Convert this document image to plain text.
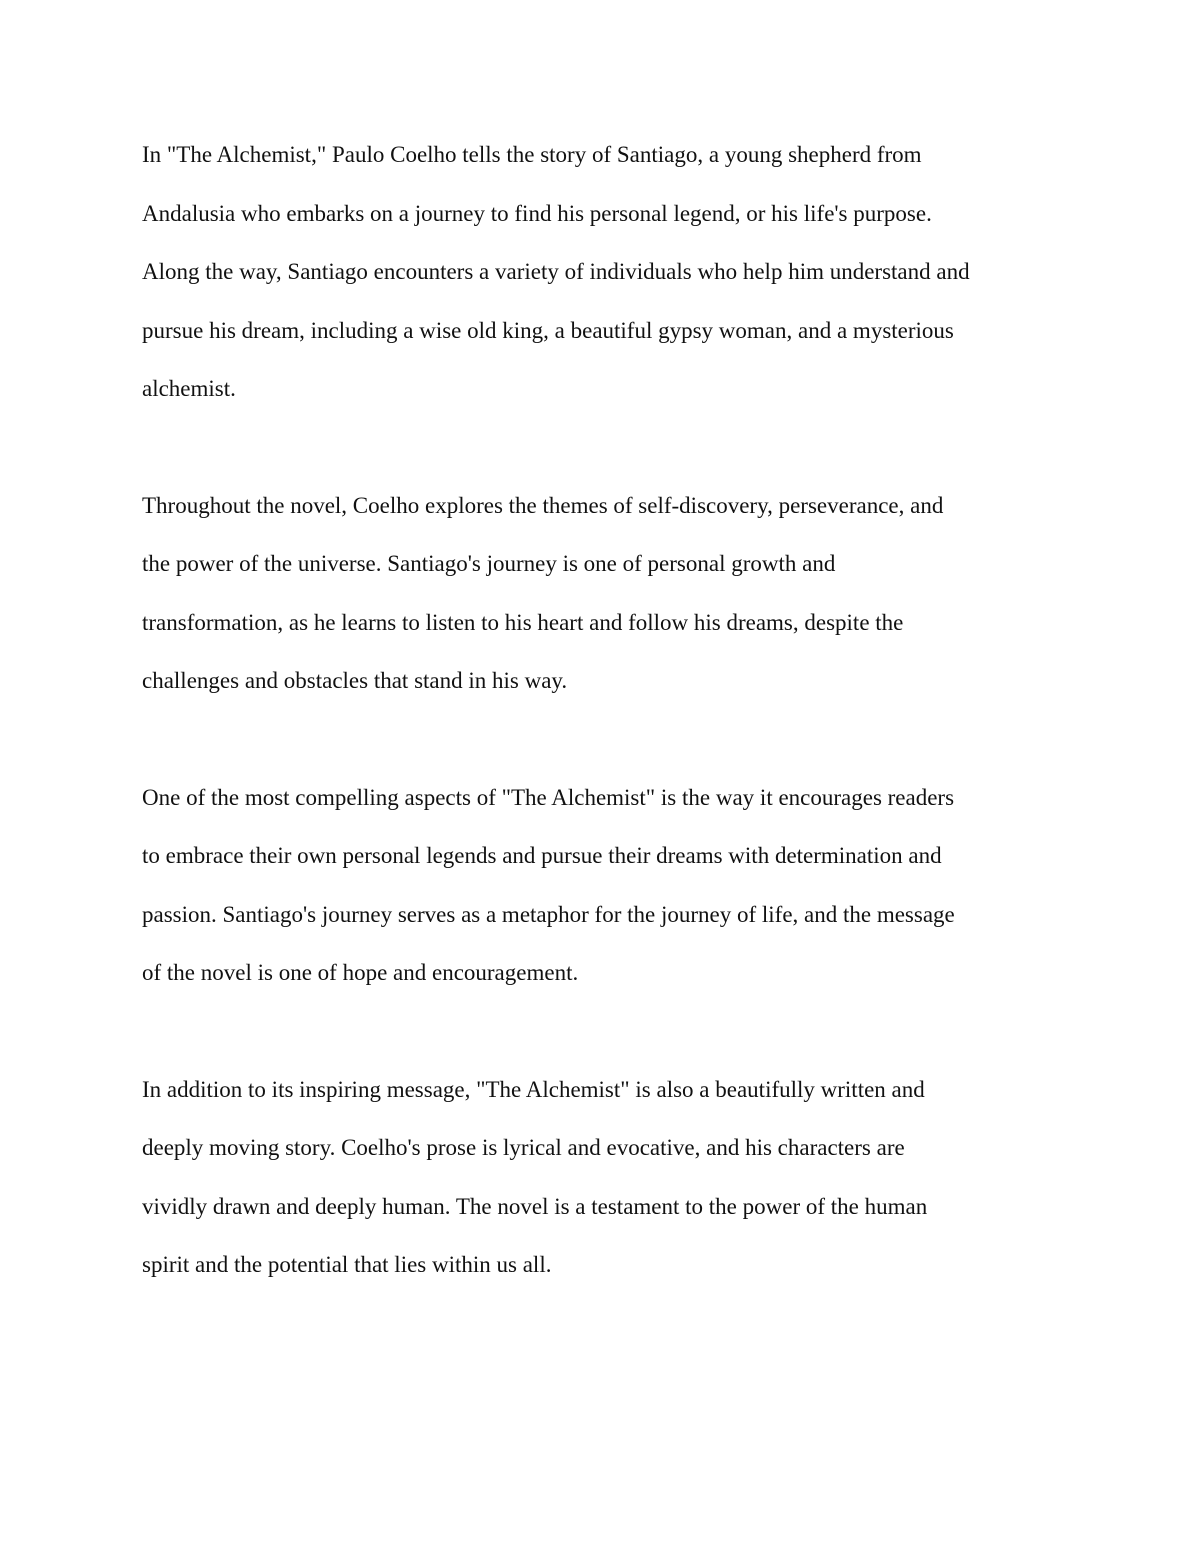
In "The Alchemist," Paulo Coelho tells the story of Santiago, a young shepherd from
Andalusia who embarks on a journey to find his personal legend, or his life's purpose.
Along the way, Santiago encounters a variety of individuals who help him understand and
pursue his dream, including a wise old king, a beautiful gypsy woman, and a mysterious
alchemist.

Throughout the novel, Coelho explores the themes of self-discovery, perseverance, and
the power of the universe. Santiago's journey is one of personal growth and
transformation, as he learns to listen to his heart and follow his dreams, despite the
challenges and obstacles that stand in his way.

One of the most compelling aspects of "The Alchemist" is the way it encourages readers
to embrace their own personal legends and pursue their dreams with determination and
passion. Santiago's journey serves as a metaphor for the journey of life, and the message
of the novel is one of hope and encouragement.

In addition to its inspiring message, "The Alchemist" is also a beautifully written and
deeply moving story. Coelho's prose is lyrical and evocative, and his characters are
vividly drawn and deeply human. The novel is a testament to the power of the human
spirit and the potential that lies within us all.
